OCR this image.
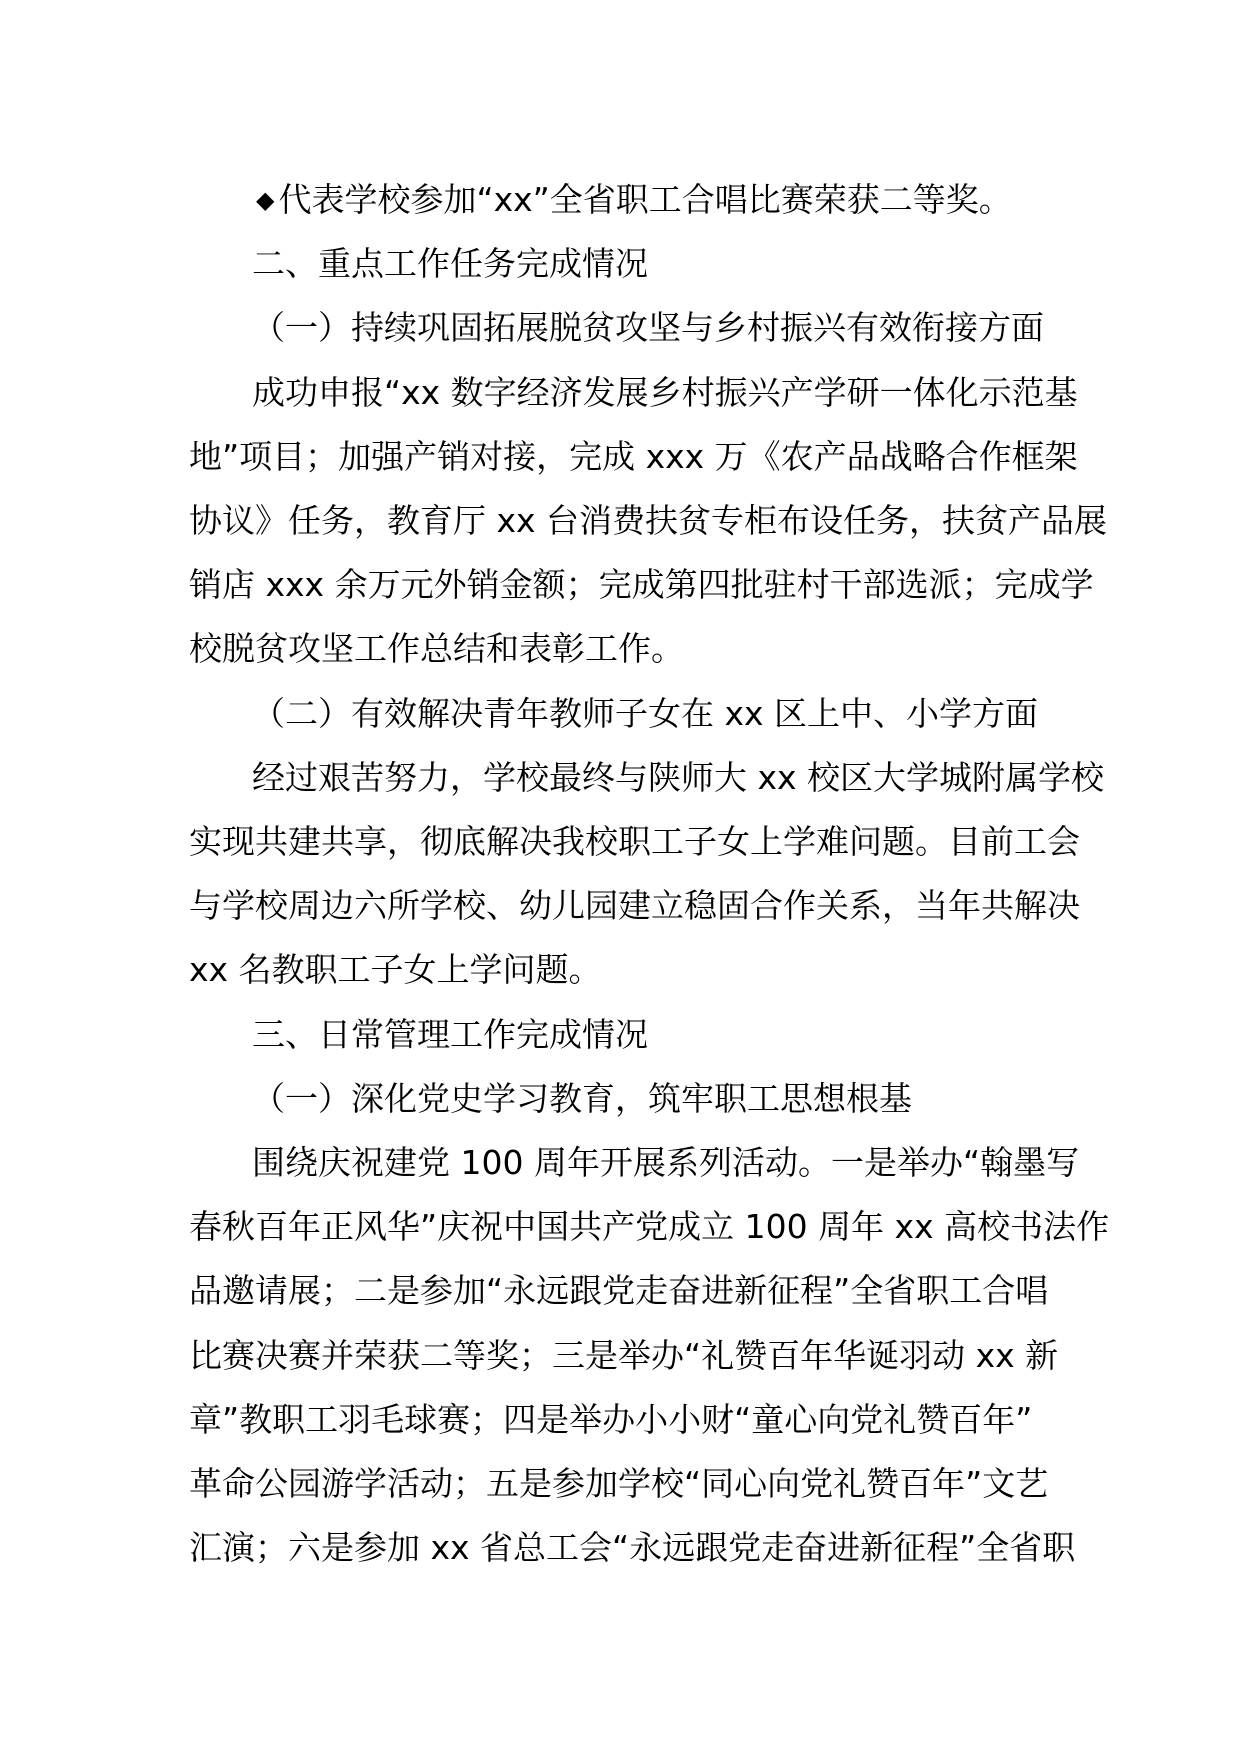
◆ 代表学校参加“xx”全省职工合唱比赛荣获二等奖。
二、重点工作任务完成情况
（一）持续巩固拓展脱贫攻坚与乡村振兴有效衔接方面
成功申报“xx 数字经济发展乡村振兴产学研一体化示范基
地”项目；加强产销对接，完成 xxx 万《农产品战略合作框架
协议》任务，教育厅 xx 台消费扶贫专柜布设任务，扶贫产品展
销店 xxx 余万元外销金额；完成第四批驻村干部选派；完成学
校脱贫攻坚工作总结和表彰工作。
（二）有效解决青年教师子女在 xx 区上中、小学方面
经过艰苦努力，学校最终与陕师大 xx 校区大学城附属学校
实现共建共享，彻底解决我校职工子女上学难问题。目前工会
与学校周边六所学校、幼儿园建立稳固合作关系，当年共解决
xx 名教职工子女上学问题。
三、日常管理工作完成情况
（一）深化党史学习教育，筑牢职工思想根基
围绕庆祝建党 100 周年开展系列活动。一是举办“翰墨写
春秋百年正风华”庆祝中国共产党成立 100 周年 xx 高校书法作
品邀请展；二是参加“永远跟党走奋进新征程”全省职工合唱
比赛决赛并荣获二等奖；三是举办“礼赞百年华诞羽动 xx 新
章”教职工羽毛球赛；四是举办小小财“童心向党礼赞百年”
革命公园游学活动；五是参加学校“同心向党礼赞百年”文艺
汇演；六是参加 xx 省总工会“永远跟党走奋进新征程”全省职
